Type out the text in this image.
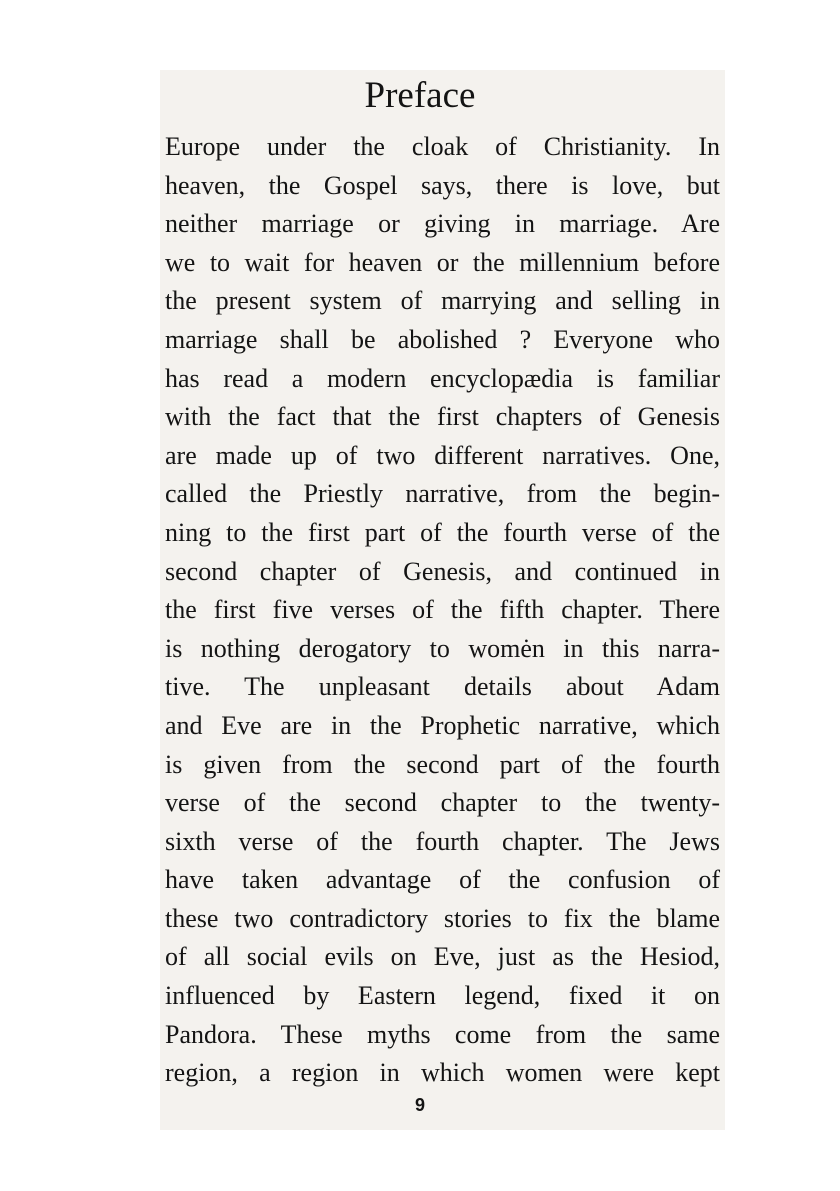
Preface
Europe under the cloak of Christianity. In
heaven, the Gospel says, there is love, but
neither marriage or giving in marriage. Are
we to wait for heaven or the millennium before
the present system of marrying and selling in
marriage shall be abolished ? Everyone who
has read a modern encyclopædia is familiar
with the fact that the first chapters of Genesis
are made up of two different narratives. One,
called the Priestly narrative, from the begin-
ning to the first part of the fourth verse of the
second chapter of Genesis, and continued in
the first five verses of the fifth chapter. There
is nothing derogatory to womėn in this narra-
tive. The unpleasant details about Adam
and Eve are in the Prophetic narrative, which
is given from the second part of the fourth
verse of the second chapter to the twenty-
sixth verse of the fourth chapter. The Jews
have taken advantage of the confusion of
these two contradictory stories to fix the blame
of all social evils on Eve, just as the Hesiod,
influenced by Eastern legend, fixed it on
Pandora. These myths come from the same
region, a region in which women were kept
9
